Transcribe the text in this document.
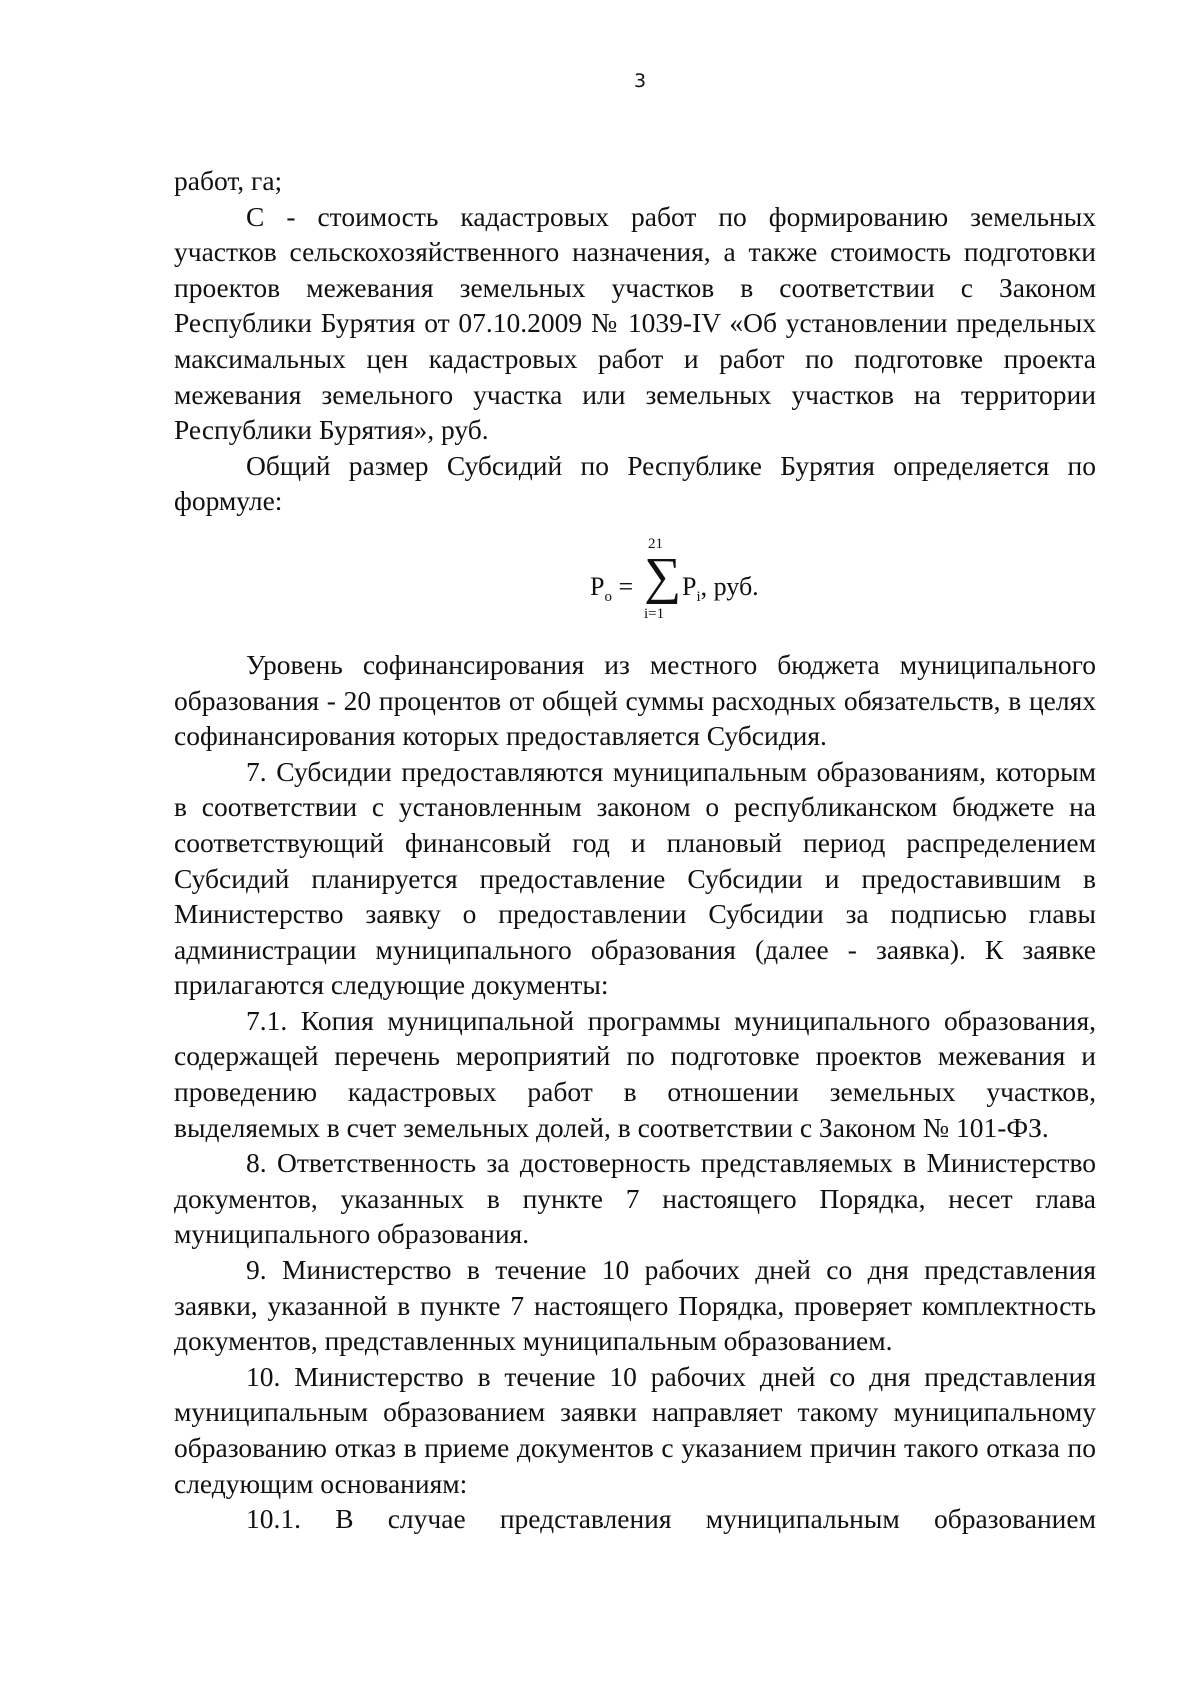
3

работ, га;

С - стоимость кадастровых работ по формированию земельных участков сельскохозяйственного назначения, а также стоимость подготовки проектов межевания земельных участков в соответствии с Законом Республики Бурятия от 07.10.2009 № 1039-IV «Об установлении предельных максимальных цен кадастровых работ и работ по подготовке проекта межевания земельного участка или земельных участков на территории Республики Бурятия», руб.

Общий размер Субсидий по Республике Бурятия определяется по формуле:

$P_o$ =
21
∑
i=1
$P_i$, руб.

Уровень софинансирования из местного бюджета муниципального образования - 20 процентов от общей суммы расходных обязательств, в целях софинансирования которых предоставляется Субсидия.

7. Субсидии предоставляются муниципальным образованиям, которым в соответствии с установленным законом о республиканском бюджете на соответствующий финансовый год и плановый период распределением Субсидий планируется предоставление Субсидии и предоставившим в Министерство заявку о предоставлении Субсидии за подписью главы администрации муниципального образования (далее - заявка). К заявке прилагаются следующие документы:

7.1. Копия муниципальной программы муниципального образования, содержащей перечень мероприятий по подготовке проектов межевания и проведению кадастровых работ в отношении земельных участков, выделяемых в счет земельных долей, в соответствии с Законом № 101-ФЗ.

8. Ответственность за достоверность представляемых в Министерство документов, указанных в пункте 7 настоящего Порядка, несет глава муниципального образования.

9. Министерство в течение 10 рабочих дней со дня представления заявки, указанной в пункте 7 настоящего Порядка, проверяет комплектность документов, представленных муниципальным образованием.

10. Министерство в течение 10 рабочих дней со дня представления муниципальным образованием заявки направляет такому муниципальному образованию отказ в приеме документов с указанием причин такого отказа по следующим основаниям:

10.1. В случае представления муниципальным образованием
